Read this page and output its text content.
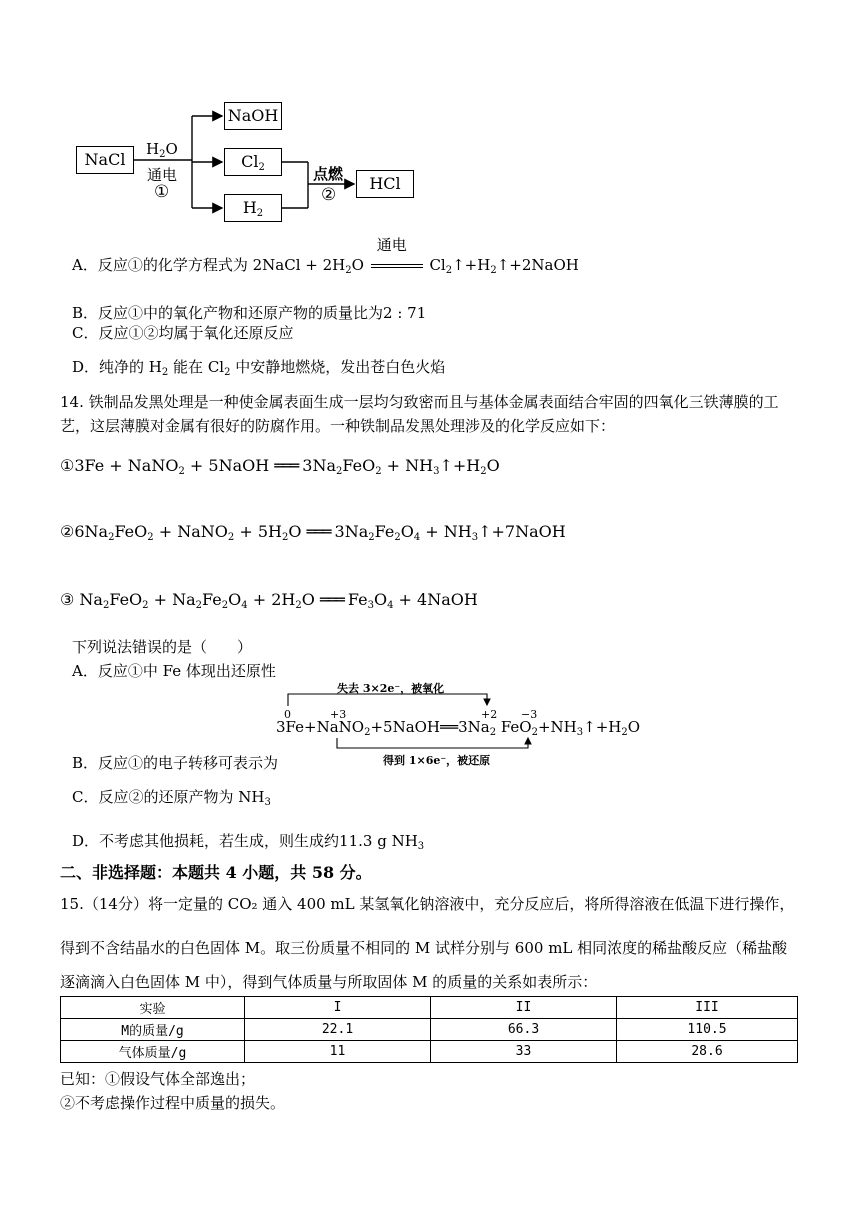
NaCl
NaOH
$Cl_2$
$H_2$
HCl
$H_2O$
通电
①
点燃
②
A．反应①的化学方程式为 2NaCl + $2H_2O$
通电
$Cl_2↑+H_2↑+2NaOH$
B．反应①中的氧化产物和还原产物的质量比为2 : 71
C．反应①②均属于氧化还原反应
D．纯净的 $H_2$ 能在 $Cl_2$ 中安静地燃烧，发出苍白色火焰
14. 铁制品发黑处理是一种使金属表面生成一层均匀致密而且与基体金属表面结合牢固的四氧化三铁薄膜的工艺，这层薄膜对金属有很好的防腐作用。一种铁制品发黑处理涉及的化学反应如下：
①3Fe + NaNO$_2$ + 5NaOH ═══ $3Na_2FeO_2$ + $NH_3↑+H_2O$
$②6Na_2FeO_2$ + NaNO$_2$ + $5H_2O$ ═══ $3Na_2Fe_2O_4$ + $NH_3↑+7NaOH$
③ $Na_2FeO_2 + Na_2Fe_2O_4 + 2H_2O$ ═══ $Fe_3O_4$ + 4NaOH
下列说法错误的是（　　）
A．反应①中 Fe 体现出还原性
失去 3×2e⁻，被氧化
得到 1×6e⁻，被还原
0	+3	+2 −3
$3Fe+NaNO_2+5NaOH══3Na_2$ $FeO_2+NH_3↑+H_2O$
B．反应①的电子转移可表示为
C．反应②的还原产物为 $NH_3$
D．不考虑其他损耗，若生成，则生成约11.3 g $NH_3$
二、非选择题：本题共 4 小题，共 58 分。
15.（14分）将一定量的 CO₂ 通入 400 mL 某氢氧化钠溶液中，充分反应后，将所得溶液在低温下进行操作，
得到不含结晶水的白色固体 M。取三份质量不相同的 M 试样分别与 600 mL 相同浓度的稀盐酸反应（稀盐酸
逐滴滴入白色固体 M 中），得到气体质量与所取固体 M 的质量的关系如表所示：
实验	I	II	III
M的质量/g	22.1	66.3	110.5
气体质量/g	11	33	28.6
已知：①假设气体全部逸出；
②不考虑操作过程中质量的损失。
